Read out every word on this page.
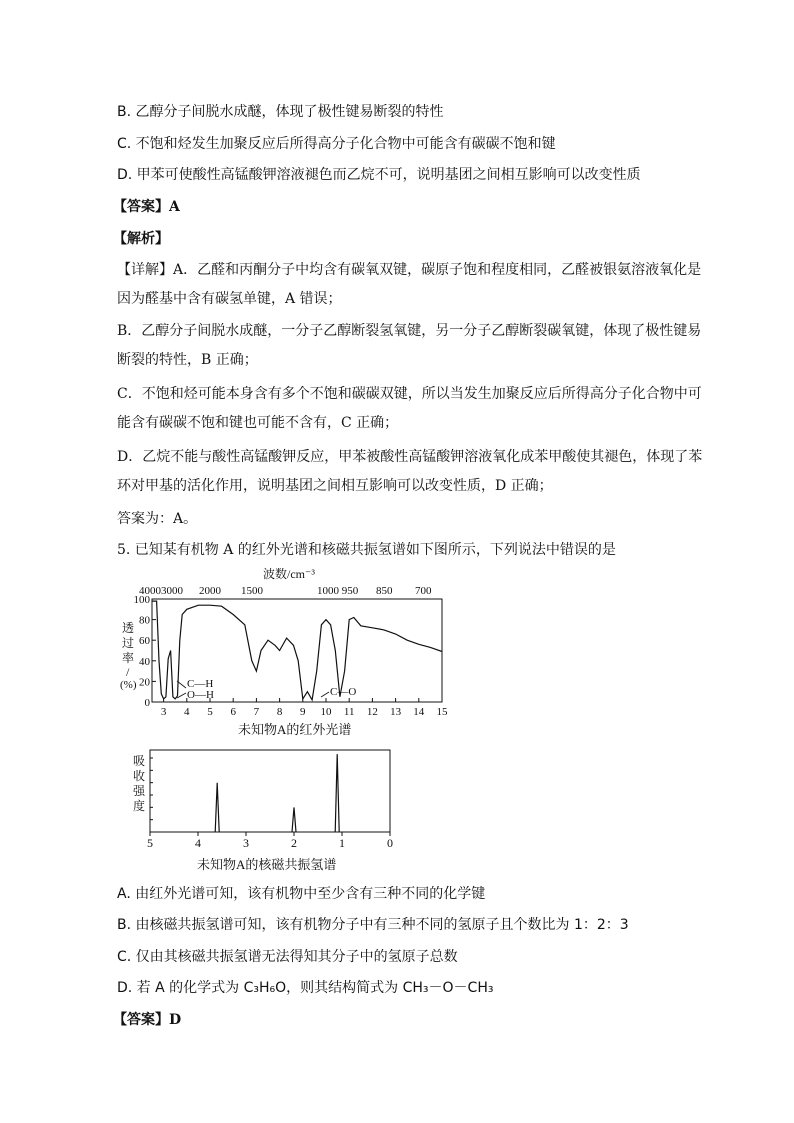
B. 乙醇分子间脱水成醚，体现了极性键易断裂的特性
C. 不饱和烃发生加聚反应后所得高分子化合物中可能含有碳碳不饱和键
D. 甲苯可使酸性高锰酸钾溶液褪色而乙烷不可，说明基团之间相互影响可以改变性质
【答案】A
【解析】
【详解】A．乙醛和丙酮分子中均含有碳氧双键，碳原子饱和程度相同，乙醛被银氨溶液氧化是
因为醛基中含有碳氢单键，A 错误；
B．乙醇分子间脱水成醚，一分子乙醇断裂氢氧键，另一分子乙醇断裂碳氧键，体现了极性键易
断裂的特性，B 正确；
C．不饱和烃可能本身含有多个不饱和碳碳双键，所以当发生加聚反应后所得高分子化合物中可
能含有碳碳不饱和键也可能不含有，C 正确；
D．乙烷不能与酸性高锰酸钾反应，甲苯被酸性高锰酸钾溶液氧化成苯甲酸使其褪色，体现了苯
环对甲基的活化作用，说明基团之间相互影响可以改变性质，D 正确；
答案为：A。
5. 已知某有机物 A 的红外光谱和核磁共振氢谱如下图所示，下列说法中错误的是
波数/cm⁻³
40003000 2000 1500	1000 950 850 700
透
过
率
/
(%)
100
80
60
40
20
0
3 4 5 6 7 8 9 10 11 12 13 14 15
C—H
O—H	C—O
未知物A的红外光谱
吸
收
强
度
5	4	3	2	1	0
未知物A的核磁共振氢谱
A. 由红外光谱可知，该有机物中至少含有三种不同的化学键
B. 由核磁共振氢谱可知，该有机物分子中有三种不同的氢原子且个数比为 1：2：3
C. 仅由其核磁共振氢谱无法得知其分子中的氢原子总数
D. 若 A 的化学式为 C₃H₆O，则其结构简式为 CH₃－O－CH₃
【答案】D
